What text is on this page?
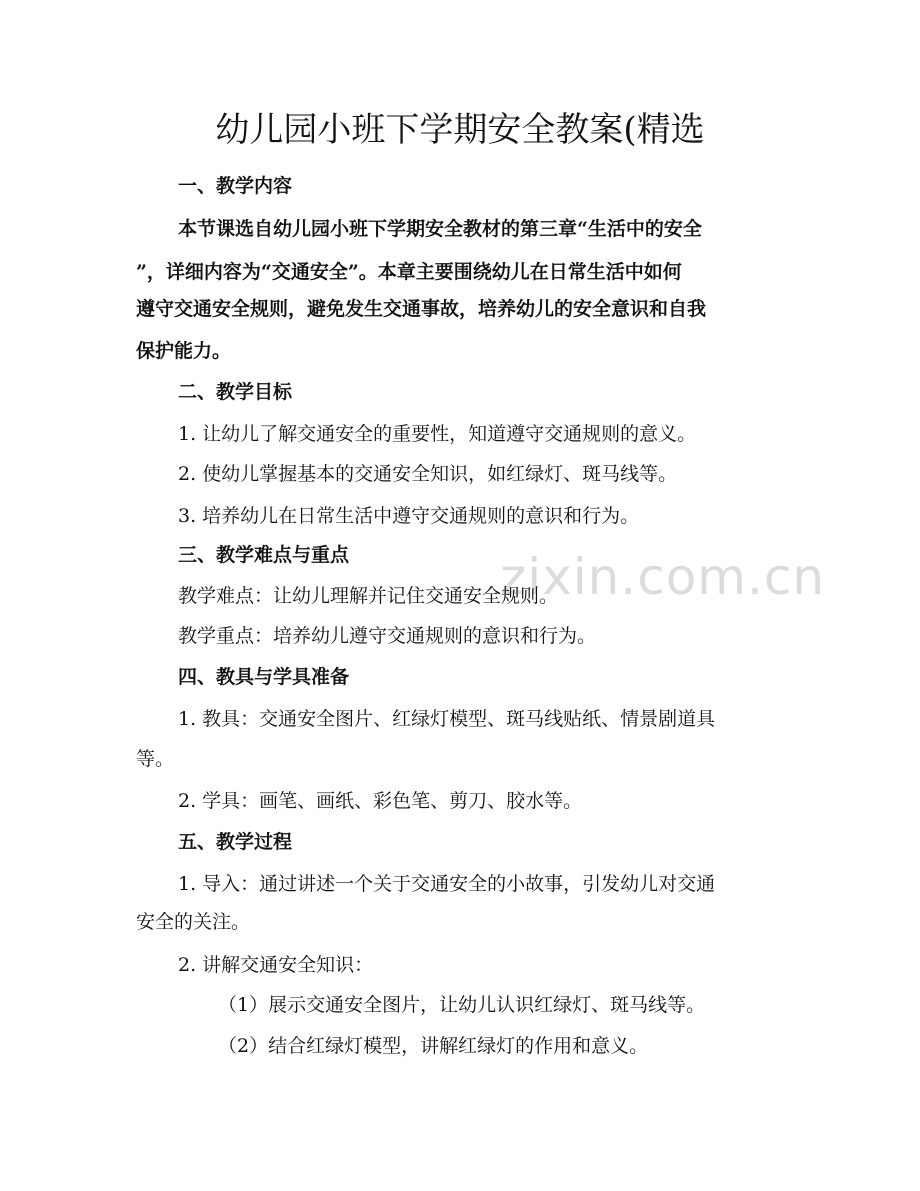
zixin.com.cn
幼儿园小班下学期安全教案(精选
一、教学内容
本节课选自幼儿园小班下学期安全教材的第三章“生活中的安全
”，详细内容为“交通安全”。本章主要围绕幼儿在日常生活中如何
遵守交通安全规则，避免发生交通事故，培养幼儿的安全意识和自我
保护能力。
二、教学目标
1. 让幼儿了解交通安全的重要性，知道遵守交通规则的意义。
2. 使幼儿掌握基本的交通安全知识，如红绿灯、斑马线等。
3. 培养幼儿在日常生活中遵守交通规则的意识和行为。
三、教学难点与重点
教学难点：让幼儿理解并记住交通安全规则。
教学重点：培养幼儿遵守交通规则的意识和行为。
四、教具与学具准备
1. 教具：交通安全图片、红绿灯模型、斑马线贴纸、情景剧道具
等。
2. 学具：画笔、画纸、彩色笔、剪刀、胶水等。
五、教学过程
1. 导入：通过讲述一个关于交通安全的小故事，引发幼儿对交通
安全的关注。
2. 讲解交通安全知识：
（1）展示交通安全图片，让幼儿认识红绿灯、斑马线等。
（2）结合红绿灯模型，讲解红绿灯的作用和意义。
